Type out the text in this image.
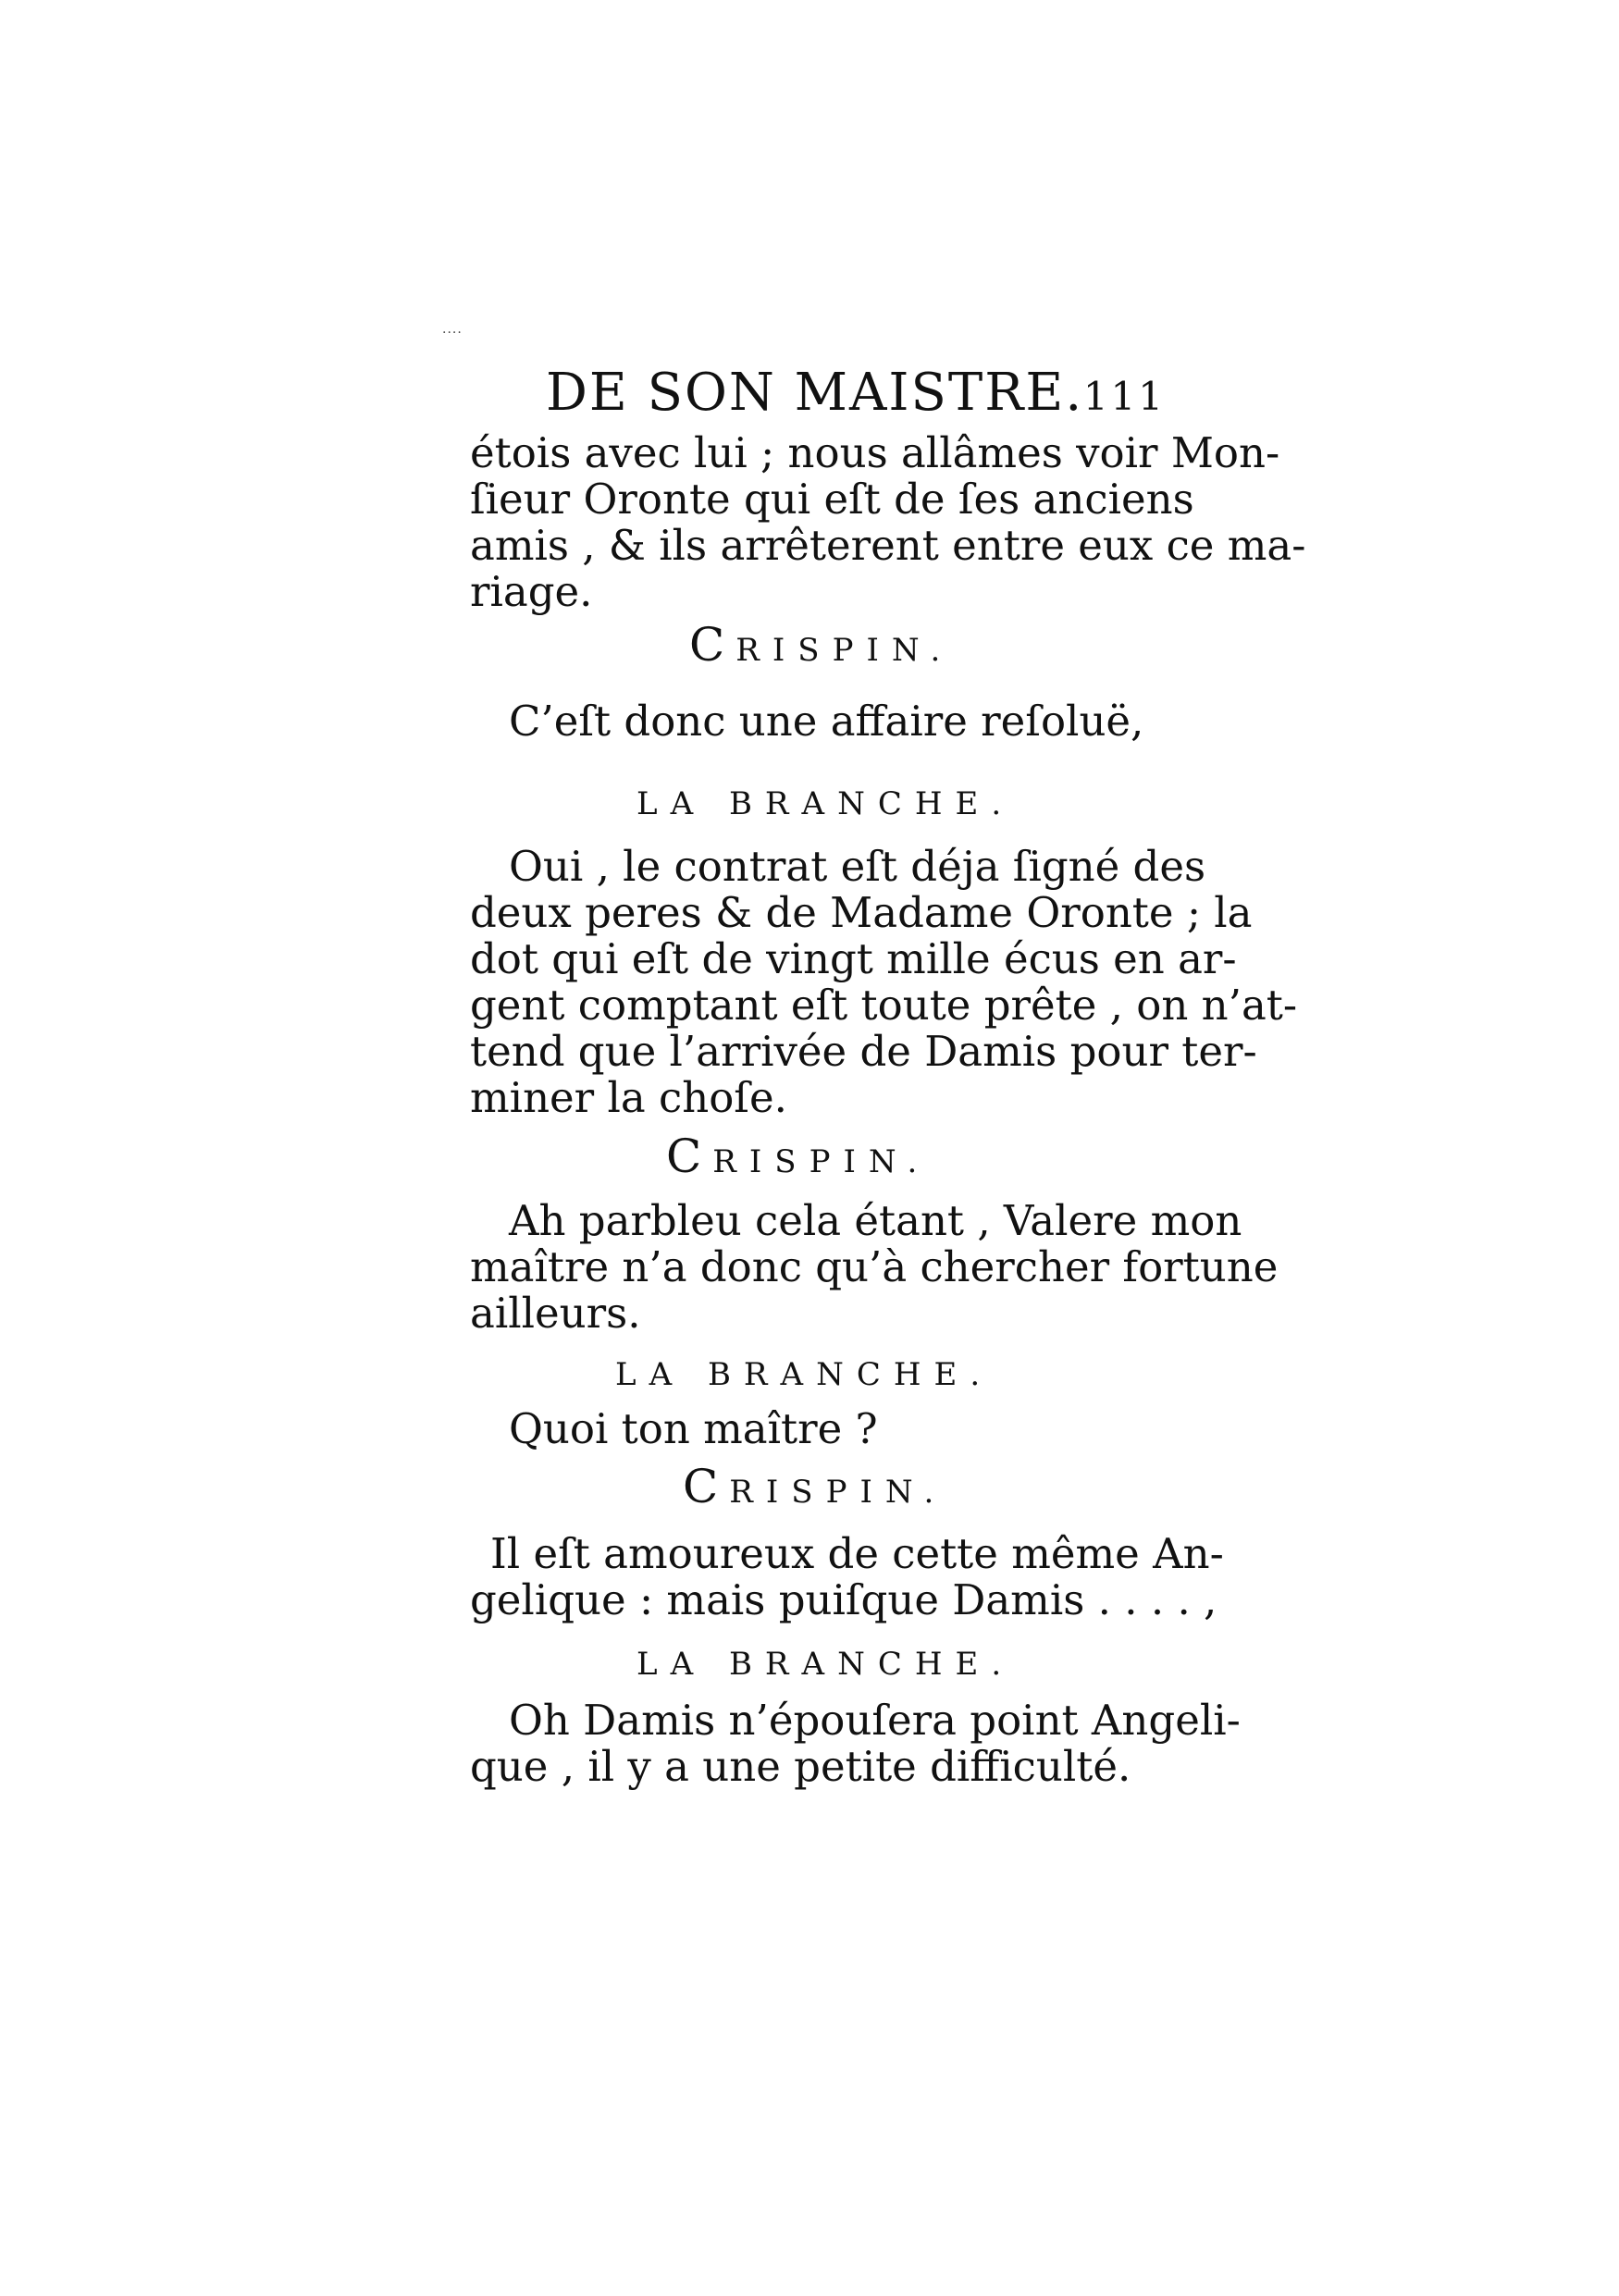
····
DE SON MAISTRE. 111
étois avec lui ; nous allâmes voir Mon-
ſieur Oronte qui eſt de ſes anciens
amis , & ils arrêterent entre eux ce ma-
riage.
CRISPIN.
C’eſt donc une affaire reſoluë,
LA BRANCHE.
Oui , le contrat eſt déja ſigné des
deux peres & de Madame Oronte ; la
dot qui eſt de vingt mille écus en ar-
gent comptant eſt toute prête , on n’at-
tend que l’arrivée de Damis pour ter-
miner la choſe.
CRISPIN.
Ah parbleu cela étant , Valere mon
maître n’a donc qu’à chercher fortune
ailleurs.
LA BRANCHE.
Quoi ton maître ?
CRISPIN.
Il eſt amoureux de cette même An-
gelique : mais puiſque Damis . . . . ,
LA BRANCHE.
Oh Damis n’épouſera point Angeli-
que , il y a une petite difficulté.
